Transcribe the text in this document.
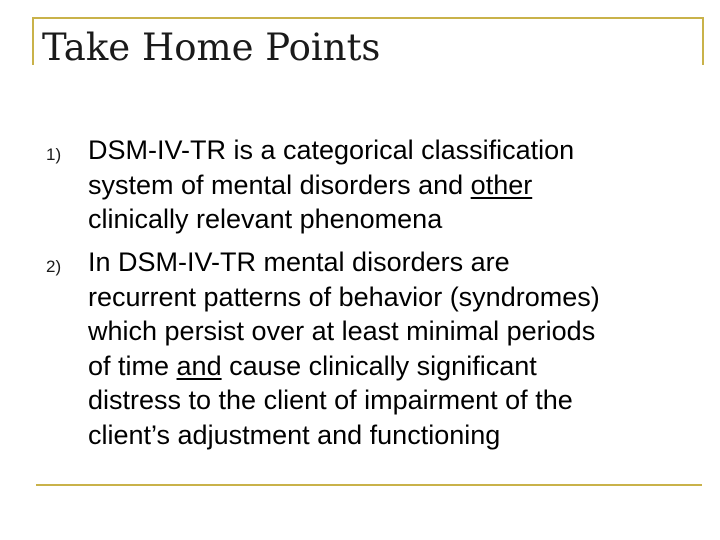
Take Home Points
1) DSM-IV-TR is a categorical classification
system of mental disorders and other
clinically relevant phenomena
2) In DSM-IV-TR mental disorders are
recurrent patterns of behavior (syndromes)
which persist over at least minimal periods
of time and cause clinically significant
distress to the client of impairment of the
client’s adjustment and functioning
